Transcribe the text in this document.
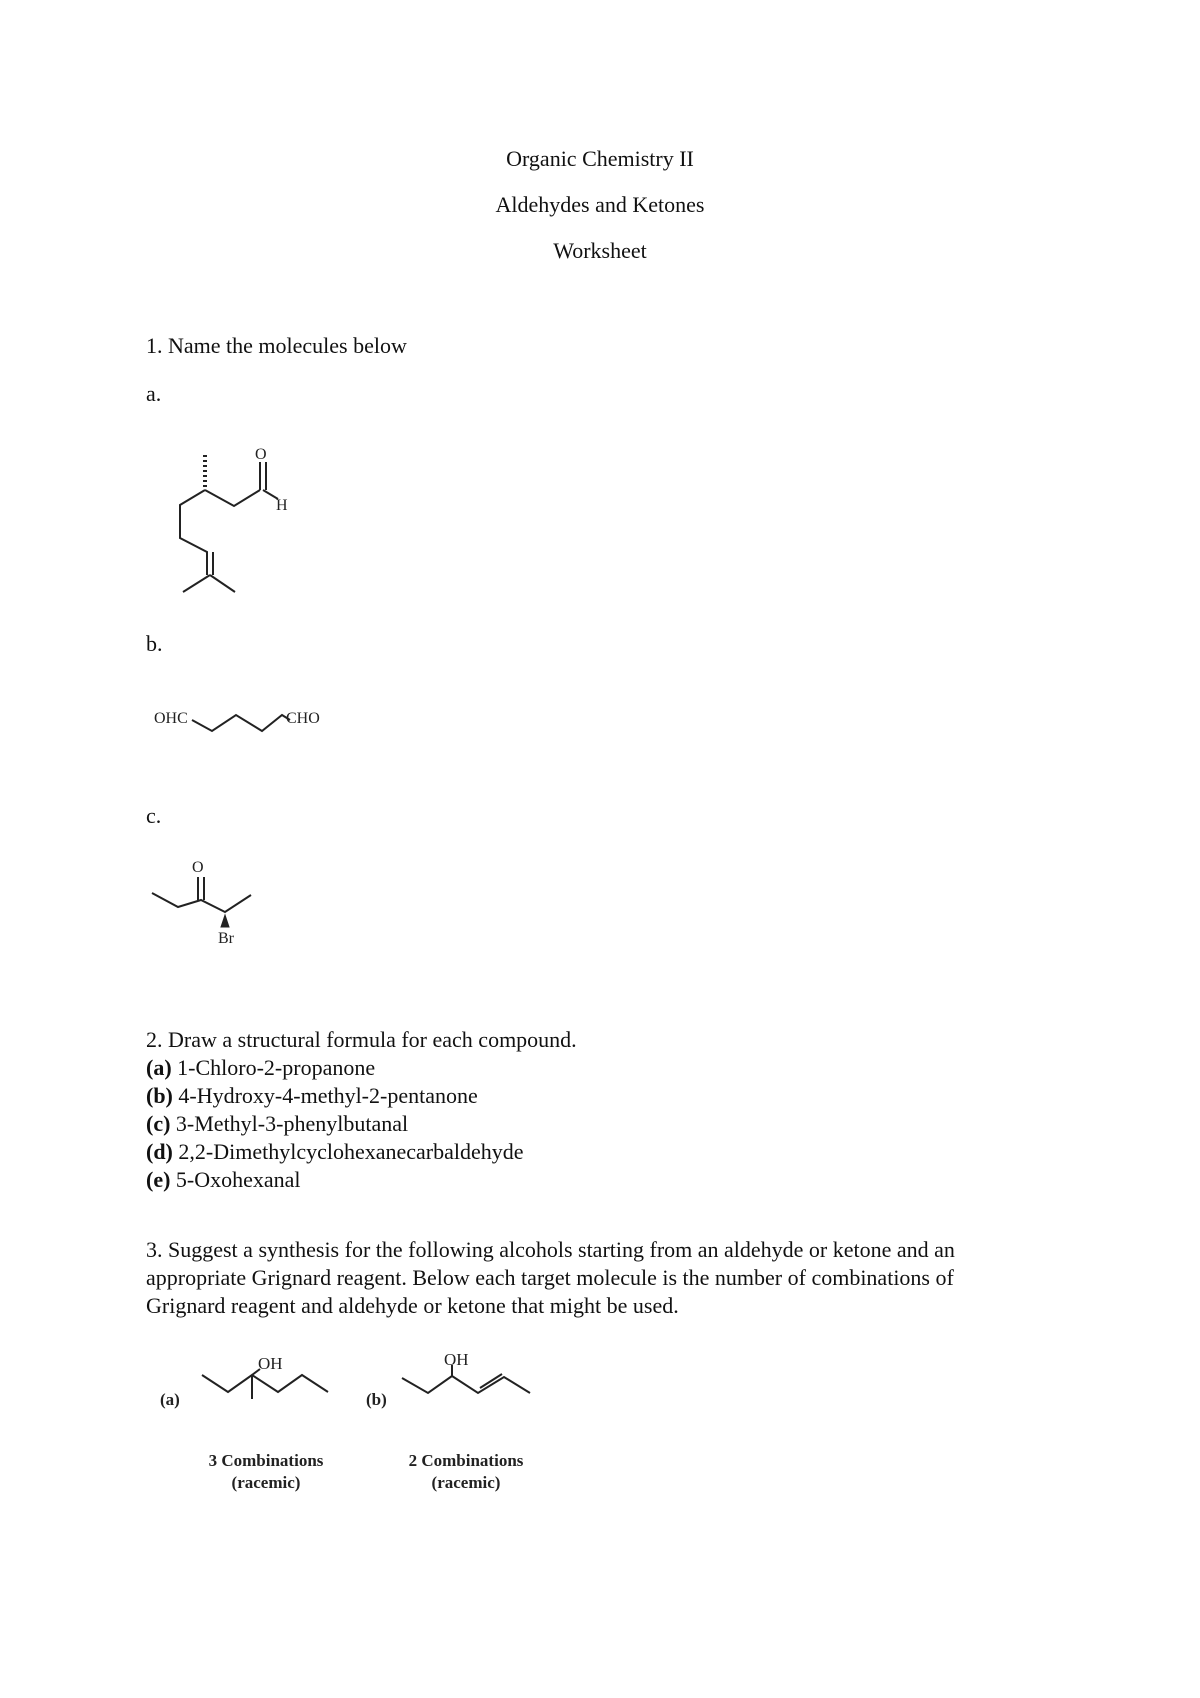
Organic Chemistry II
Aldehydes and Ketones
Worksheet
1. Name the molecules below
a.
O
H
b.
OHC	CHO
c.
O
Br
2. Draw a structural formula for each compound.
(a) 1-Chloro-2-propanone
(b) 4-Hydroxy-4-methyl-2-pentanone
(c) 3-Methyl-3-phenylbutanal
(d) 2,2-Dimethylcyclohexanecarbaldehyde
(e) 5-Oxohexanal
3. Suggest a synthesis for the following alcohols starting from an aldehyde or ketone and an appropriate Grignard reagent. Below each target molecule is the number of combinations of Grignard reagent and aldehyde or ketone that might be used.
(a)
OH
3 Combinations
(racemic)
(b)
OH
2 Combinations
(racemic)
